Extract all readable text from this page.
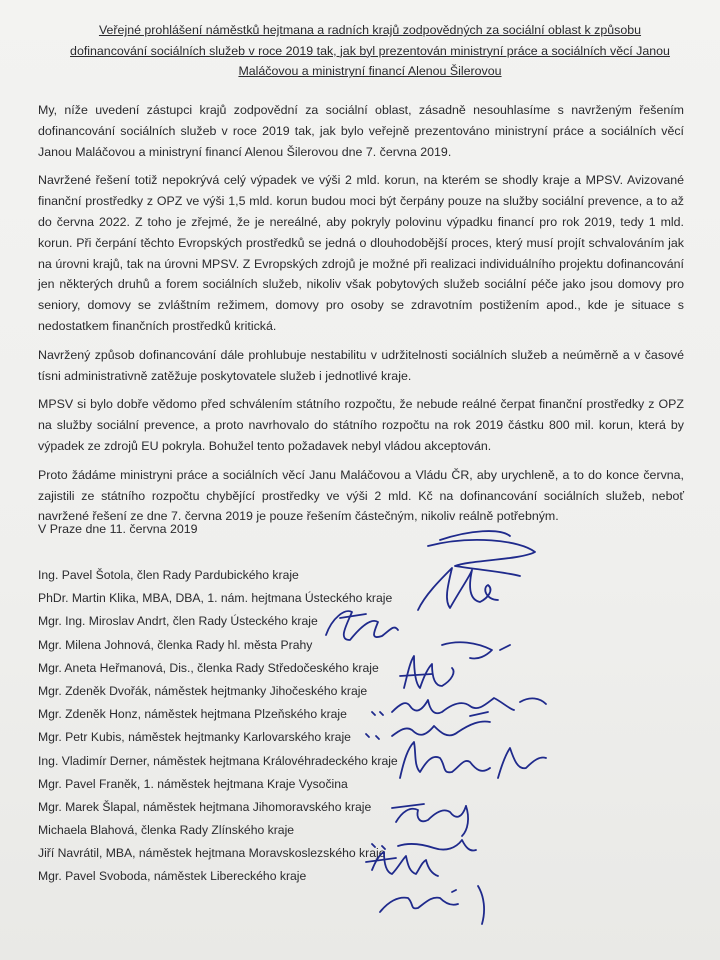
Veřejné prohlášení náměstků hejtmana a radních krajů zodpovědných za sociální oblast k způsobu dofinancování sociálních služeb v roce 2019 tak, jak byl prezentován ministryní práce a sociálních věcí Janou Maláčovou a ministryní financí Alenou Šilerovou

My, níže uvedení zástupci krajů zodpovědní za sociální oblast, zásadně nesouhlasíme s navrženým řešením dofinancování sociálních služeb v roce 2019 tak, jak bylo veřejně prezentováno ministryní práce a sociálních věcí Janou Maláčovou a ministryní financí Alenou Šilerovou dne 7. června 2019.

Navržené řešení totiž nepokrývá celý výpadek ve výši 2 mld. korun, na kterém se shodly kraje a MPSV. Avizované finanční prostředky z OPZ ve výši 1,5 mld. korun budou moci být čerpány pouze na služby sociální prevence, a to až do června 2022. Z toho je zřejmé, že je nereálné, aby pokryly polovinu výpadku financí pro rok 2019, tedy 1 mld. korun. Při čerpání těchto Evropských prostředků se jedná o dlouhodobější proces, který musí projít schvalováním jak na úrovni krajů, tak na úrovni MPSV. Z Evropských zdrojů je možné při realizaci individuálního projektu dofinancování jen některých druhů a forem sociálních služeb, nikoliv však pobytových služeb sociální péče jako jsou domovy pro seniory, domovy se zvláštním režimem, domovy pro osoby se zdravotním postižením apod., kde je situace s nedostatkem finančních prostředků kritická.

Navržený způsob dofinancování dále prohlubuje nestabilitu v udržitelnosti sociálních služeb a neúměrně a v časové tísni administrativně zatěžuje poskytovatele služeb i jednotlivé kraje.

MPSV si bylo dobře vědomo před schválením státního rozpočtu, že nebude reálné čerpat finanční prostředky z OPZ na služby sociální prevence, a proto navrhovalo do státního rozpočtu na rok 2019 částku 800 mil. korun, která by výpadek ze zdrojů EU pokryla. Bohužel tento požadavek nebyl vládou akceptován.

Proto žádáme ministryni práce a sociálních věcí Janu Maláčovou a Vládu ČR, aby urychleně, a to do konce června, zajistili ze státního rozpočtu chybějící prostředky ve výši 2 mld. Kč na dofinancování sociálních služeb, neboť navržené řešení ze dne 7. června 2019 je pouze řešením částečným, nikoliv reálně potřebným.

V Praze dne 11. června 2019
Ing. Pavel Šotola, člen Rady Pardubického kraje
PhDr. Martin Klika, MBA, DBA, 1. nám. hejtmana Ústeckého kraje
Mgr. Ing. Miroslav Andrt, člen Rady Ústeckého kraje
Mgr. Milena Johnová, členka Rady hl. města Prahy
Mgr. Aneta Heřmanová, Dis., členka Rady Středočeského kraje
Mgr. Zdeněk Dvořák, náměstek hejtmanky Jihočeského kraje
Mgr. Zdeněk Honz, náměstek hejtmana Plzeňského kraje
Mgr. Petr Kubis, náměstek hejtmanky Karlovarského kraje
Ing. Vladimír Derner, náměstek hejtmana Královéhradeckého kraje
Mgr. Pavel Franěk, 1. náměstek hejtmana Kraje Vysočina
Mgr. Marek Šlapal, náměstek hejtmana Jihomoravského kraje
Michaela Blahová, členka Rady Zlínského kraje
Jiří Navrátil, MBA, náměstek hejtmana Moravskoslezského kraje
Mgr. Pavel Svoboda, náměstek Libereckého kraje
